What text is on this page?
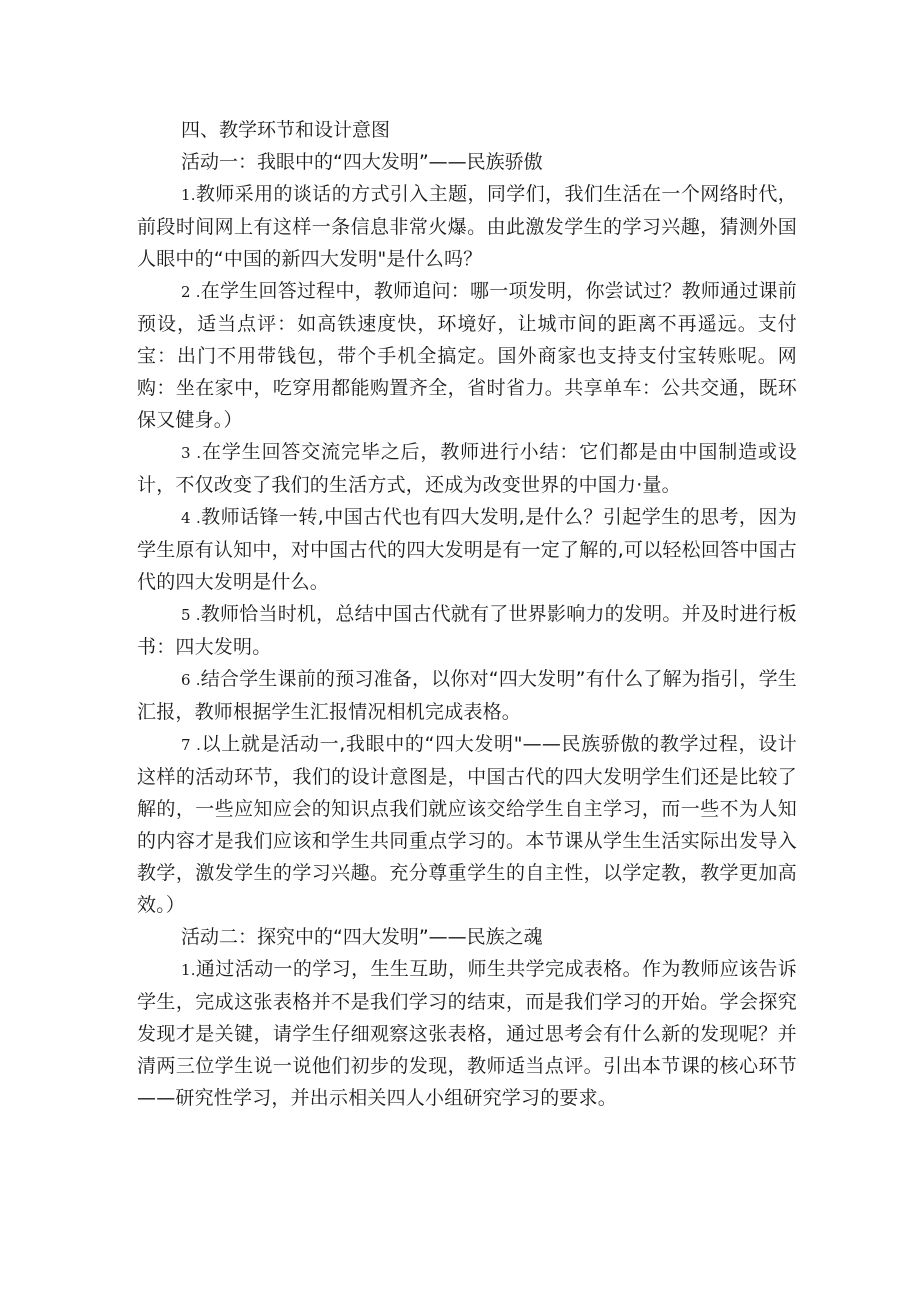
四、教学环节和设计意图

活动一：我眼中的“四大发明”——民族骄傲

1.教师采用的谈话的方式引入主题，同学们，我们生活在一个网络时代，前段时间网上有这样一条信息非常火爆。由此激发学生的学习兴趣，猜测外国人眼中的“中国的新四大发明"是什么吗？

2 .在学生回答过程中，教师追问：哪一项发明，你尝试过？教师通过课前预设，适当点评：如高铁速度快，环境好，让城市间的距离不再遥远。支付宝：出门不用带钱包，带个手机全搞定。国外商家也支持支付宝转账呢。网购：坐在家中，吃穿用都能购置齐全，省时省力。共享单车：公共交通，既环保又健身。）

3 .在学生回答交流完毕之后，教师进行小结：它们都是由中国制造或设计，不仅改变了我们的生活方式，还成为改变世界的中国力·量。

4 .教师话锋一转,中国古代也有四大发明,是什么？引起学生的思考，因为学生原有认知中，对中国古代的四大发明是有一定了解的,可以轻松回答中国古代的四大发明是什么。

5 .教师恰当时机，总结中国古代就有了世界影响力的发明。并及时进行板书：四大发明。

6 .结合学生课前的预习准备，以你对“四大发明”有什么了解为指引，学生汇报，教师根据学生汇报情况相机完成表格。

7 .以上就是活动一,我眼中的“四大发明"——民族骄傲的教学过程，设计这样的活动环节，我们的设计意图是，中国古代的四大发明学生们还是比较了解的，一些应知应会的知识点我们就应该交给学生自主学习，而一些不为人知的内容才是我们应该和学生共同重点学习的。本节课从学生生活实际出发导入教学，激发学生的学习兴趣。充分尊重学生的自主性，以学定教，教学更加高效。）

活动二：探究中的“四大发明”——民族之魂

1.通过活动一的学习，生生互助，师生共学完成表格。作为教师应该告诉学生，完成这张表格并不是我们学习的结束，而是我们学习的开始。学会探究发现才是关键，请学生仔细观察这张表格，通过思考会有什么新的发现呢？并清两三位学生说一说他们初步的发现，教师适当点评。引出本节课的核心环节——研究性学习，并出示相关四人小组研究学习的要求。
